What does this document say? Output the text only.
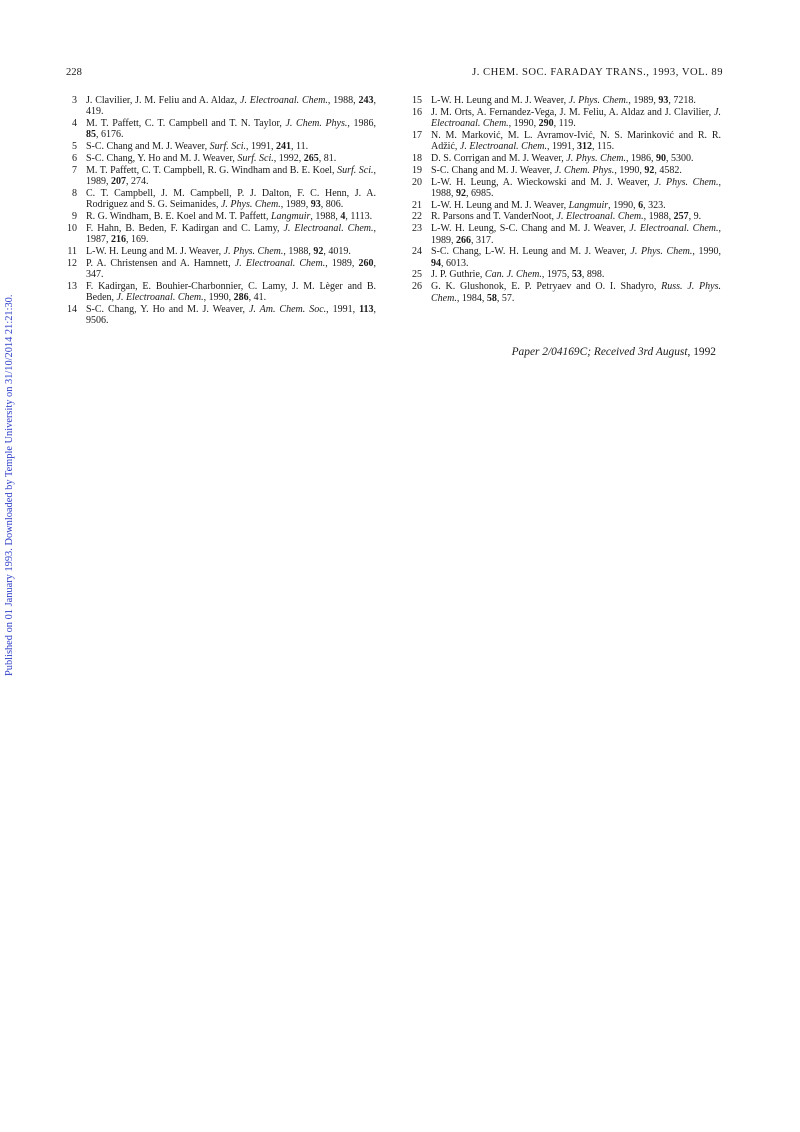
Published on 01 January 1993. Downloaded by Temple University on 31/10/2014 21:21:30.
228	J. CHEM. SOC. FARADAY TRANS., 1993, VOL. 89
3 J. Clavilier, J. M. Feliu and A. Aldaz, J. Electroanal. Chem., 1988, 243, 419.
4 M. T. Paffett, C. T. Campbell and T. N. Taylor, J. Chem. Phys., 1986, 85, 6176.
5 S-C. Chang and M. J. Weaver, Surf. Sci., 1991, 241, 11.
6 S-C. Chang, Y. Ho and M. J. Weaver, Surf. Sci., 1992, 265, 81.
7 M. T. Paffett, C. T. Campbell, R. G. Windham and B. E. Koel, Surf. Sci., 1989, 207, 274.
8 C. T. Campbell, J. M. Campbell, P. J. Dalton, F. C. Henn, J. A. Rodriguez and S. G. Seimanides, J. Phys. Chem., 1989, 93, 806.
9 R. G. Windham, B. E. Koel and M. T. Paffett, Langmuir, 1988, 4, 1113.
10 F. Hahn, B. Beden, F. Kadirgan and C. Lamy, J. Electroanal. Chem., 1987, 216, 169.
11 L-W. H. Leung and M. J. Weaver, J. Phys. Chem., 1988, 92, 4019.
12 P. A. Christensen and A. Hamnett, J. Electroanal. Chem., 1989, 260, 347.
13 F. Kadirgan, E. Bouhier-Charbonnier, C. Lamy, J. M. Lèger and B. Beden, J. Electroanal. Chem., 1990, 286, 41.
14 S-C. Chang, Y. Ho and M. J. Weaver, J. Am. Chem. Soc., 1991, 113, 9506.
15 L-W. H. Leung and M. J. Weaver, J. Phys. Chem., 1989, 93, 7218.
16 J. M. Orts, A. Fernandez-Vega, J. M. Feliu, A. Aldaz and J. Clavilier, J. Electroanal. Chem., 1990, 290, 119.
17 N. M. Marković, M. L. Avramov-Ivić, N. S. Marinković and R. R. Adžić, J. Electroanal. Chem., 1991, 312, 115.
18 D. S. Corrigan and M. J. Weaver, J. Phys. Chem., 1986, 90, 5300.
19 S-C. Chang and M. J. Weaver, J. Chem. Phys., 1990, 92, 4582.
20 L-W. H. Leung, A. Wieckowski and M. J. Weaver, J. Phys. Chem., 1988, 92, 6985.
21 L-W. H. Leung and M. J. Weaver, Langmuir, 1990, 6, 323.
22 R. Parsons and T. VanderNoot, J. Electroanal. Chem., 1988, 257, 9.
23 L-W. H. Leung, S-C. Chang and M. J. Weaver, J. Electroanal. Chem., 1989, 266, 317.
24 S-C. Chang, L-W. H. Leung and M. J. Weaver, J. Phys. Chem., 1990, 94, 6013.
25 J. P. Guthrie, Can. J. Chem., 1975, 53, 898.
26 G. K. Glushonok, E. P. Petryaev and O. I. Shadyro, Russ. J. Phys. Chem., 1984, 58, 57.
Paper 2/04169C; Received 3rd August, 1992
